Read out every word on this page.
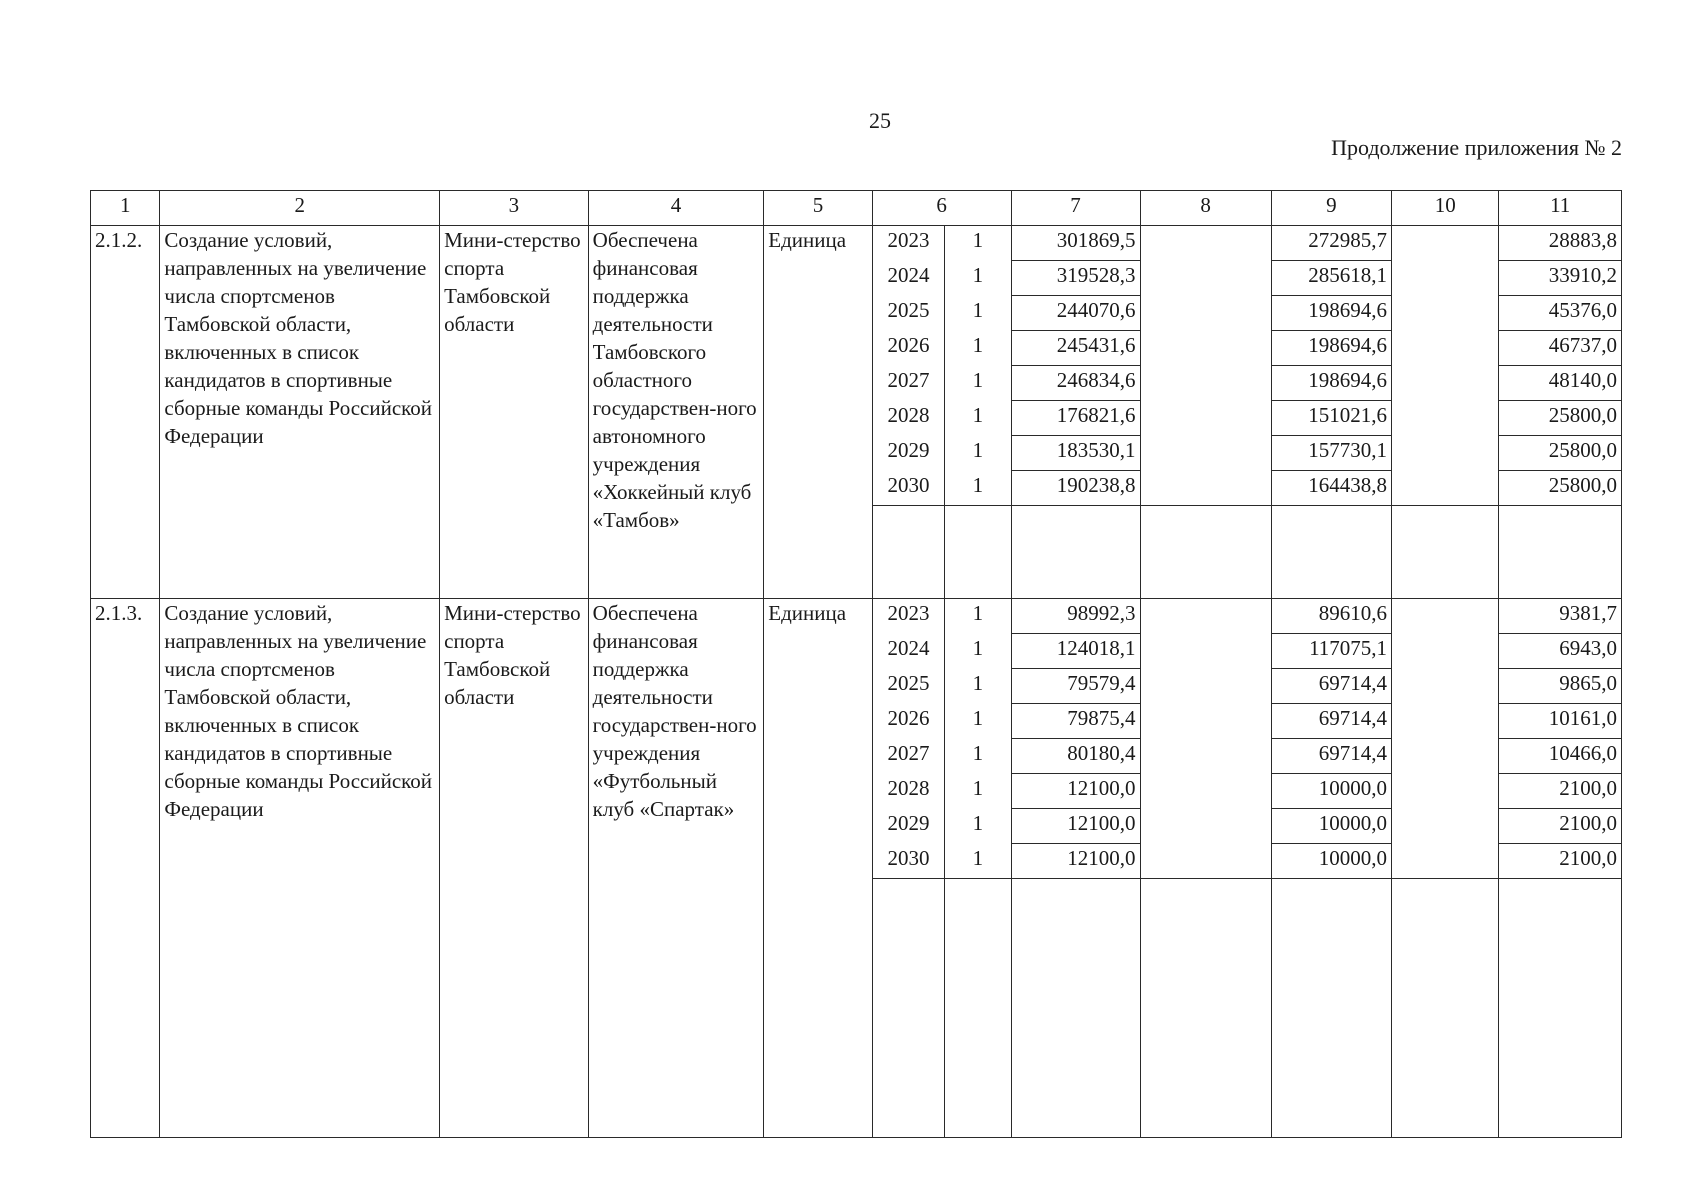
25
Продолжение приложения № 2
1	2	3	4	5	6		7	8	9	10	11
2.1.2.	Создание условий, направленных на увеличение числа спортсменов Тамбовской области, включенных в список кандидатов в спортивные сборные команды Российской Федерации	Мини-стерство спорта Тамбовской области	Обеспечена финансовая поддержка деятельности Тамбовского областного государствен-ного автономного учреждения «Хоккейный клуб «Тамбов»	Единица	2023	1	301869,5		272985,7		28883,8
					2024	1	319528,3		285618,1		33910,2
					2025	1	244070,6		198694,6		45376,0
					2026	1	245431,6		198694,6		46737,0
					2027	1	246834,6		198694,6		48140,0
					2028	1	176821,6		151021,6		25800,0
					2029	1	183530,1		157730,1		25800,0
					2030	1	190238,8		164438,8		25800,0

2.1.3.	Создание условий, направленных на увеличение числа спортсменов Тамбовской области, включенных в список кандидатов в спортивные сборные команды Российской Федерации	Мини-стерство спорта Тамбовской области	Обеспечена финансовая поддержка деятельности государствен-ного учреждения «Футбольный клуб «Спартак»	Единица	2023	1	98992,3		89610,6		9381,7
					2024	1	124018,1		117075,1		6943,0
					2025	1	79579,4		69714,4		9865,0
					2026	1	79875,4		69714,4		10161,0
					2027	1	80180,4		69714,4		10466,0
					2028	1	12100,0		10000,0		2100,0
					2029	1	12100,0		10000,0		2100,0
					2030	1	12100,0		10000,0		2100,0
